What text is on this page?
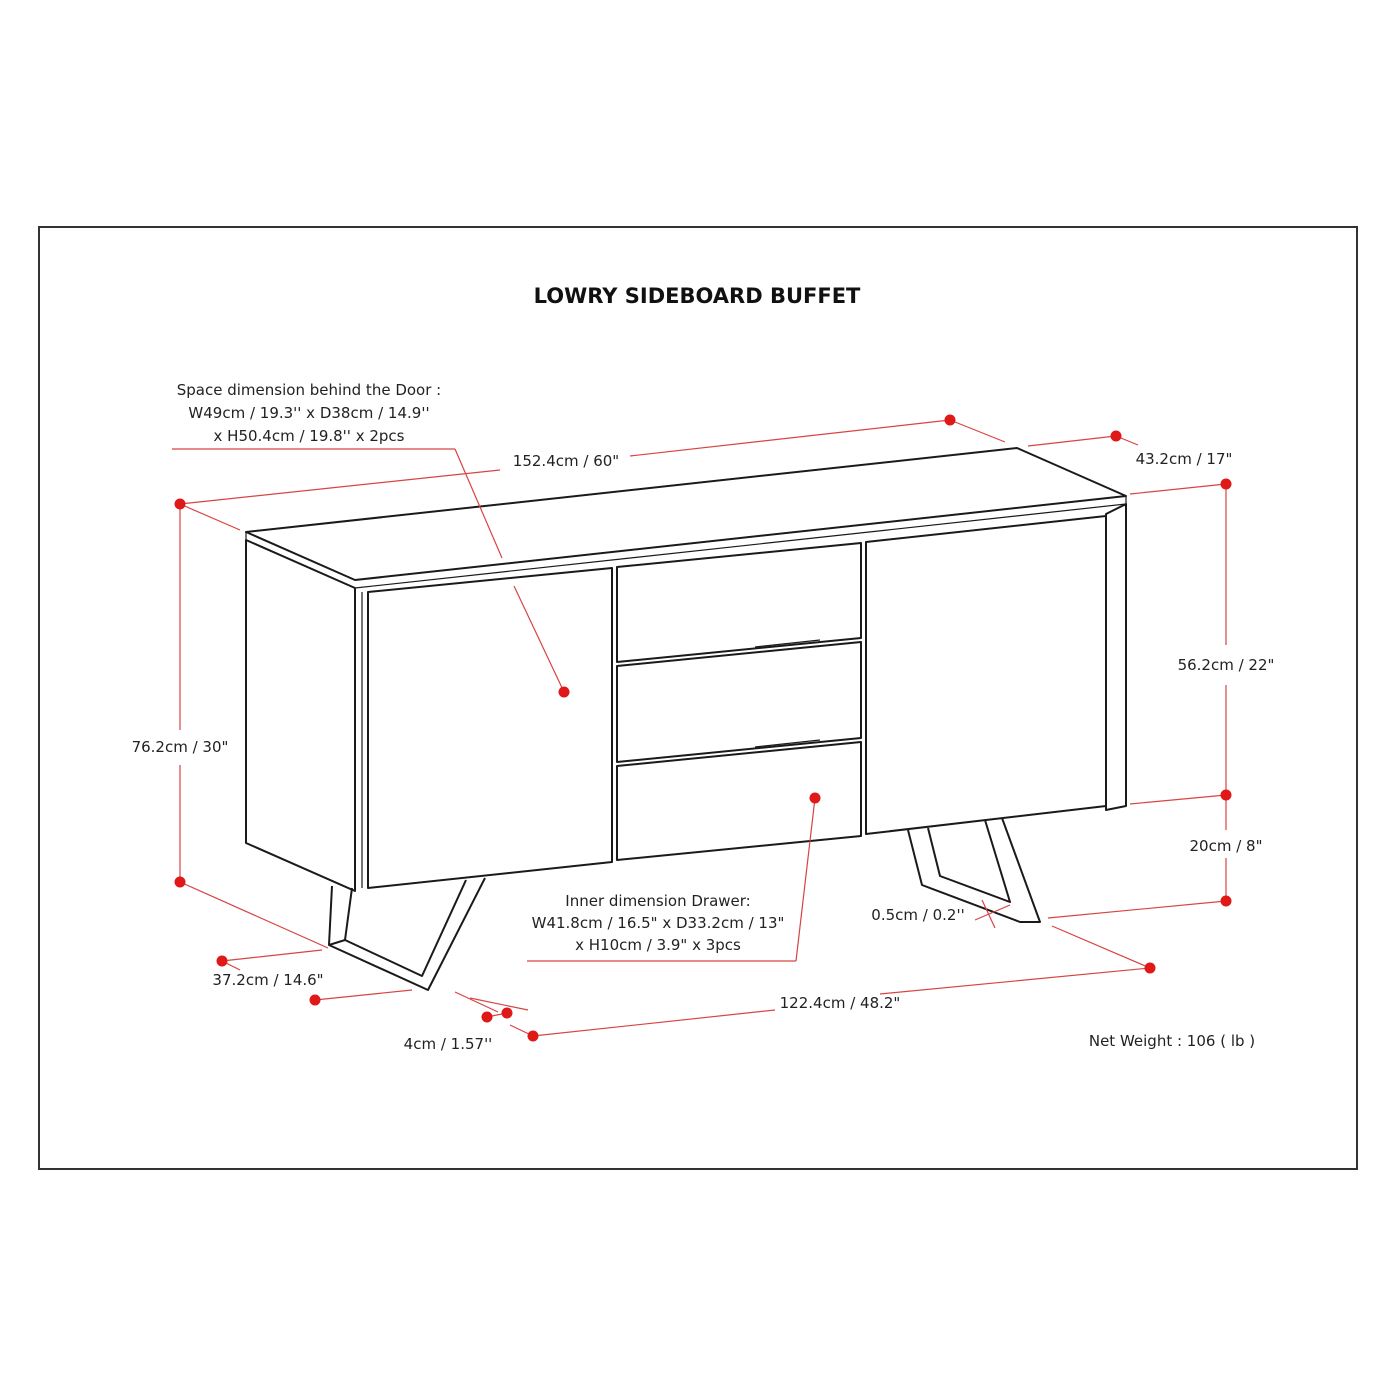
LOWRY SIDEBOARD BUFFET
Space dimension behind the Door :
W49cm / 19.3'' x D38cm / 14.9''
x H50.4cm / 19.8'' x 2pcs
152.4cm / 60"	43.2cm / 17"
76.2cm / 30"
56.2cm / 22"
20cm / 8"
0.5cm / 0.2''
Inner dimension Drawer:
W41.8cm / 16.5" x D33.2cm / 13"
x H10cm / 3.9" x 3pcs
37.2cm / 14.6"
4cm / 1.57''
122.4cm / 48.2"
Net Weight : 106 ( lb )
